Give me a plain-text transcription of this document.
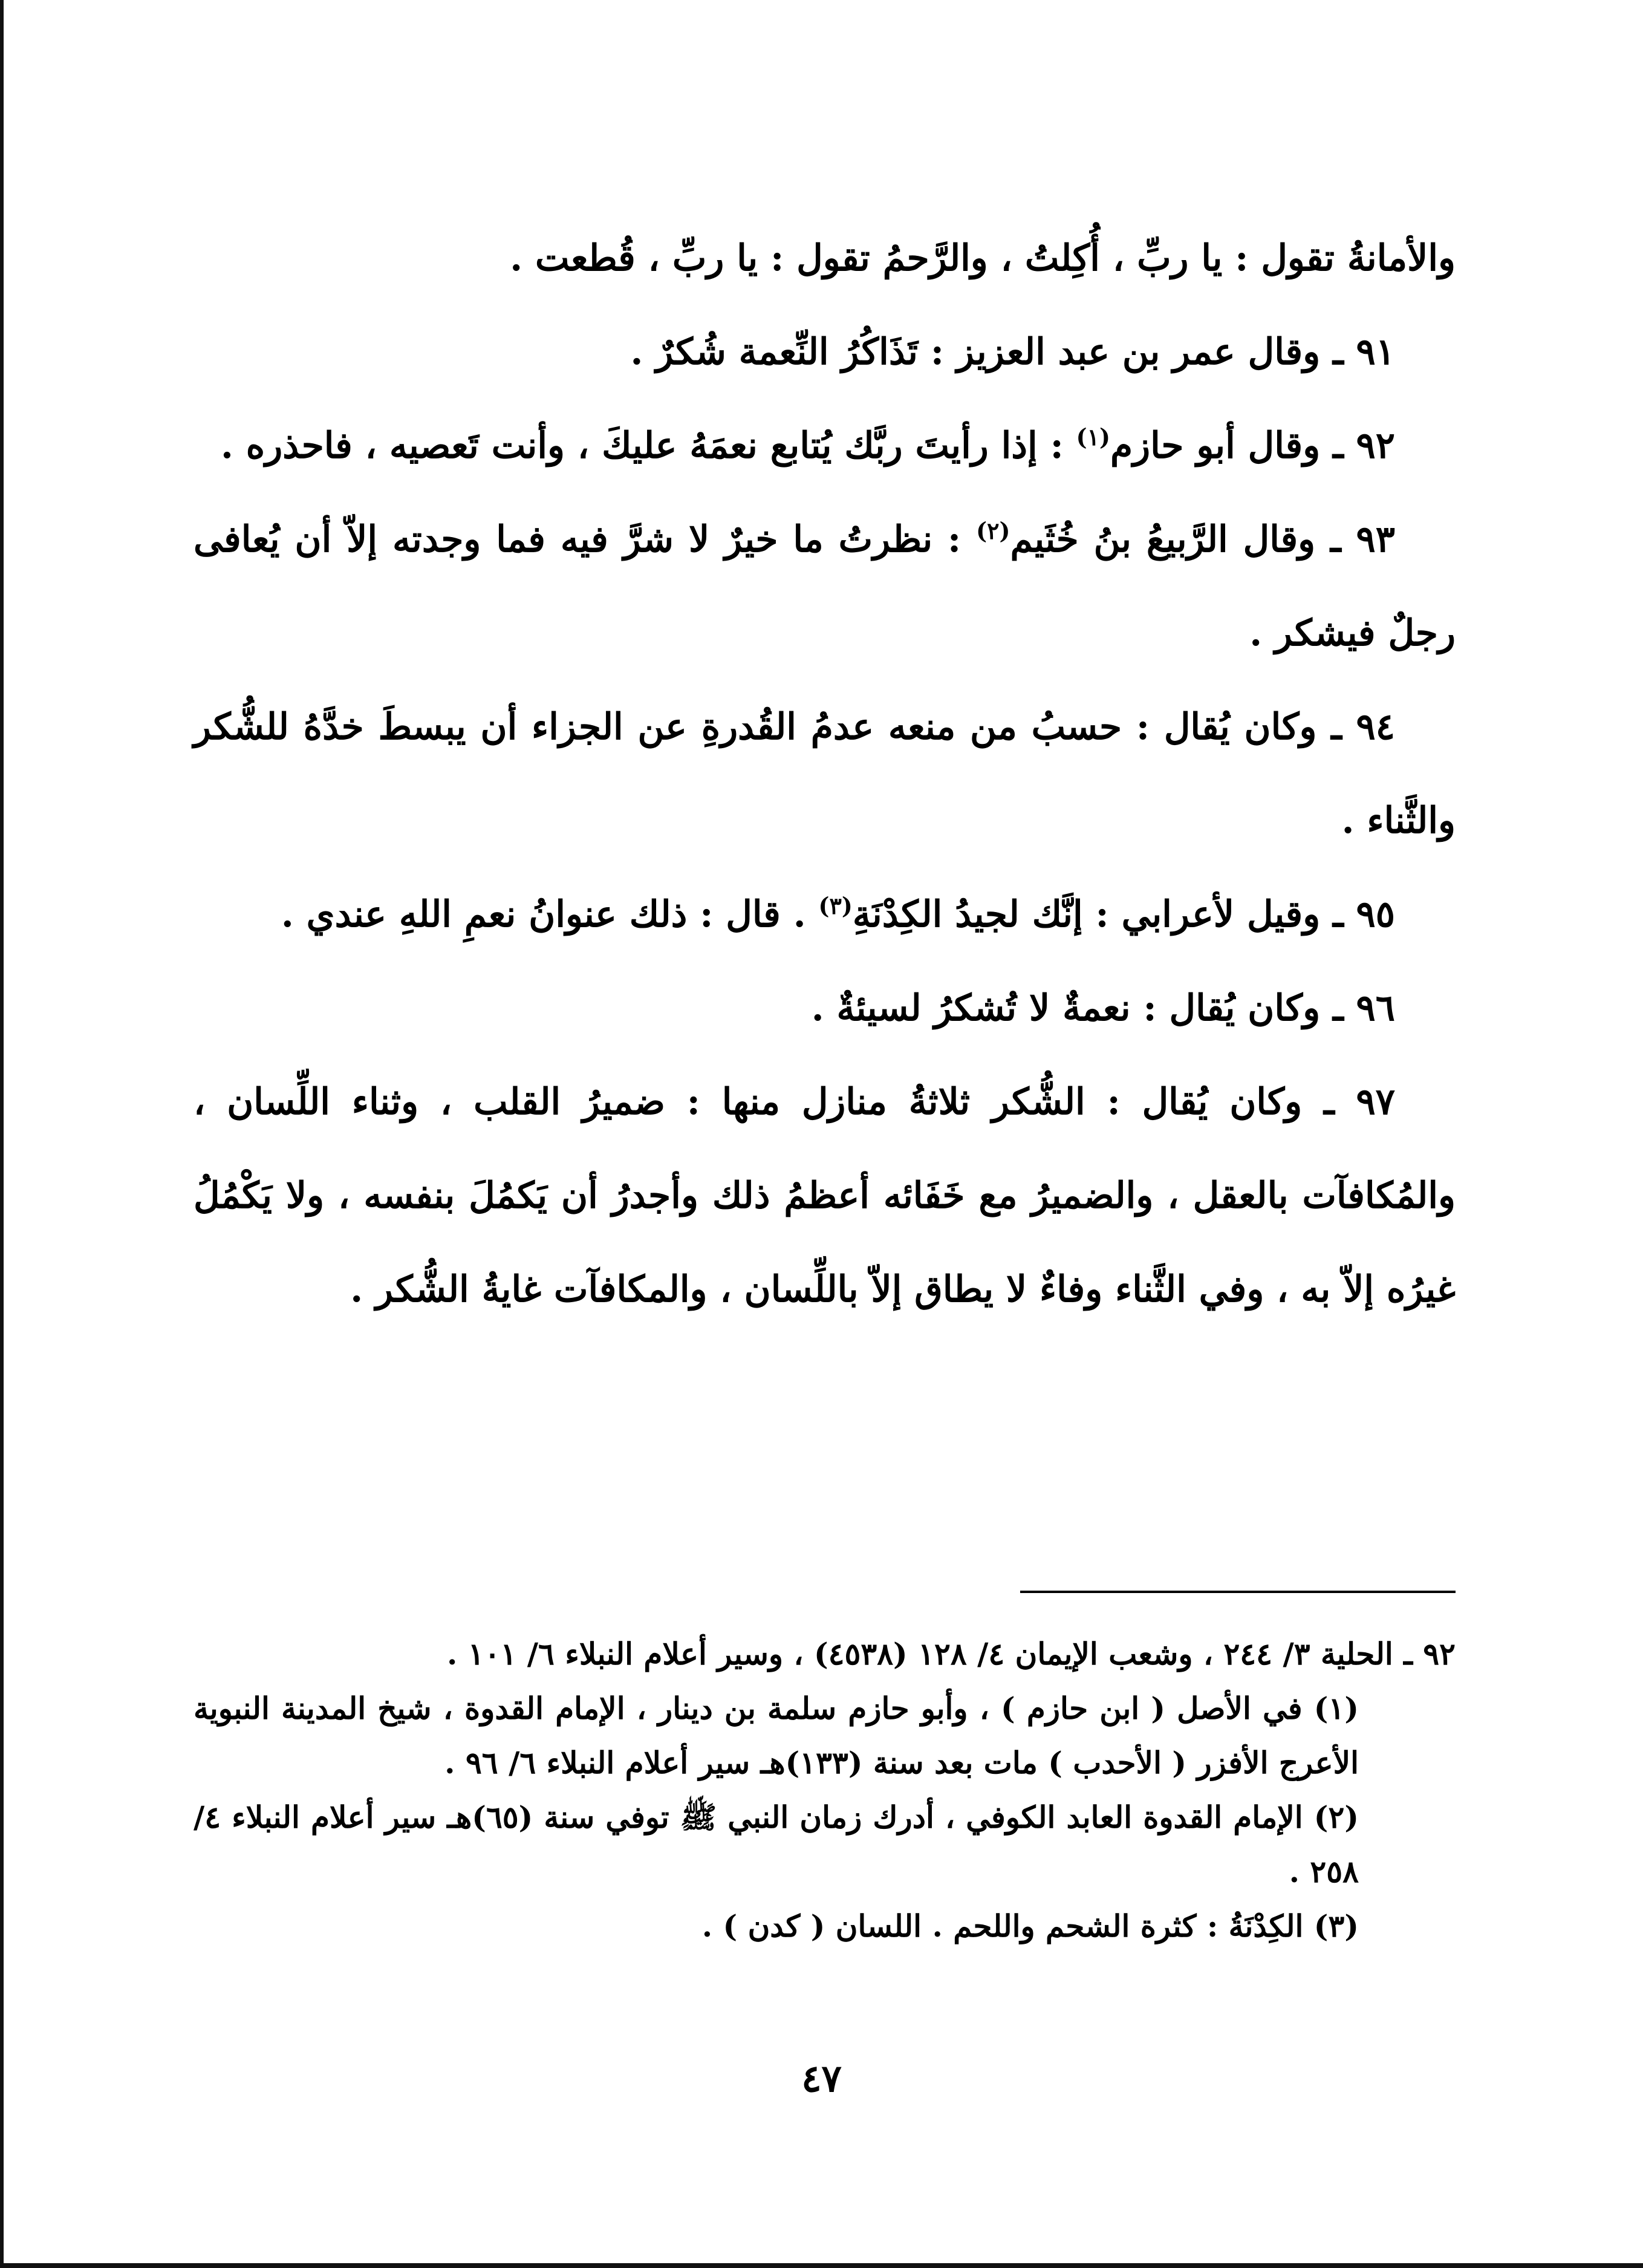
والأمانةُ تقول : يا ربِّ ، أُكِلتُ ، والرَّحمُ تقول : يا ربِّ ، قُطعت .

٩١ ـ وقال عمر بن عبد العزيز : تَذَاكُرُ النِّعمة شُكرٌ .

٩٢ ـ وقال أبو حازم$^{(١)}$ : إذا رأيتَ ربَّك يُتابع نعمَهُ عليكَ ، وأنت تَعصيه ، فاحذره .

٩٣ ـ وقال الرَّبيعُ بنُ خُثَيم$^{(٢)}$ : نظرتُ ما خيرٌ لا شرَّ فيه فما وجدته إلاّ أن يُعافى رجلٌ فيشكر .

٩٤ ـ وكان يُقال : حسبُ من منعه عدمُ القُدرةِ عن الجزاء أن يبسطَ خدَّهُ للشُّكر والثَّناء .

٩٥ ـ وقيل لأعرابي : إنَّك لجيدُ الكِدْنَةِ$^{(٣)}$ . قال : ذلك عنوانُ نعمِ اللهِ عندي .

٩٦ ـ وكان يُقال : نعمةٌ لا تُشكرُ لسيئةٌ .

٩٧ ـ وكان يُقال : الشُّكر ثلاثةُ منازل منها : ضميرُ القلب ، وثناء اللِّسان ، والمُكافآت بالعقل ، والضميرُ مع خَفَائه أعظمُ ذلك وأجدرُ أن يَكمُلَ بنفسه ، ولا يَكْمُلُ غيرُه إلاّ به ، وفي الثَّناء وفاءٌ لا يطاق إلاّ باللِّسان ، والمكافآت غايةُ الشُّكر .

٩٢ ـ الحلية ٣/ ٢٤٤ ، وشعب الإيمان ٤/ ١٢٨ (٤٥٣٨) ، وسير أعلام النبلاء ٦/ ١٠١ .

(١) في الأصل ( ابن حازم ) ، وأبو حازم سلمة بن دينار ، الإمام القدوة ، شيخ المدينة النبوية الأعرج الأفزر ( الأحدب ) مات بعد سنة (١٣٣)هـ سير أعلام النبلاء ٦/ ٩٦ .

(٢) الإمام القدوة العابد الكوفي ، أدرك زمان النبي ﷺ توفي سنة (٦٥)هـ سير أعلام النبلاء ٤/ ٢٥٨ .

(٣) الكِدْنَةُ : كثرة الشحم واللحم . اللسان ( كدن ) .

٤٧
